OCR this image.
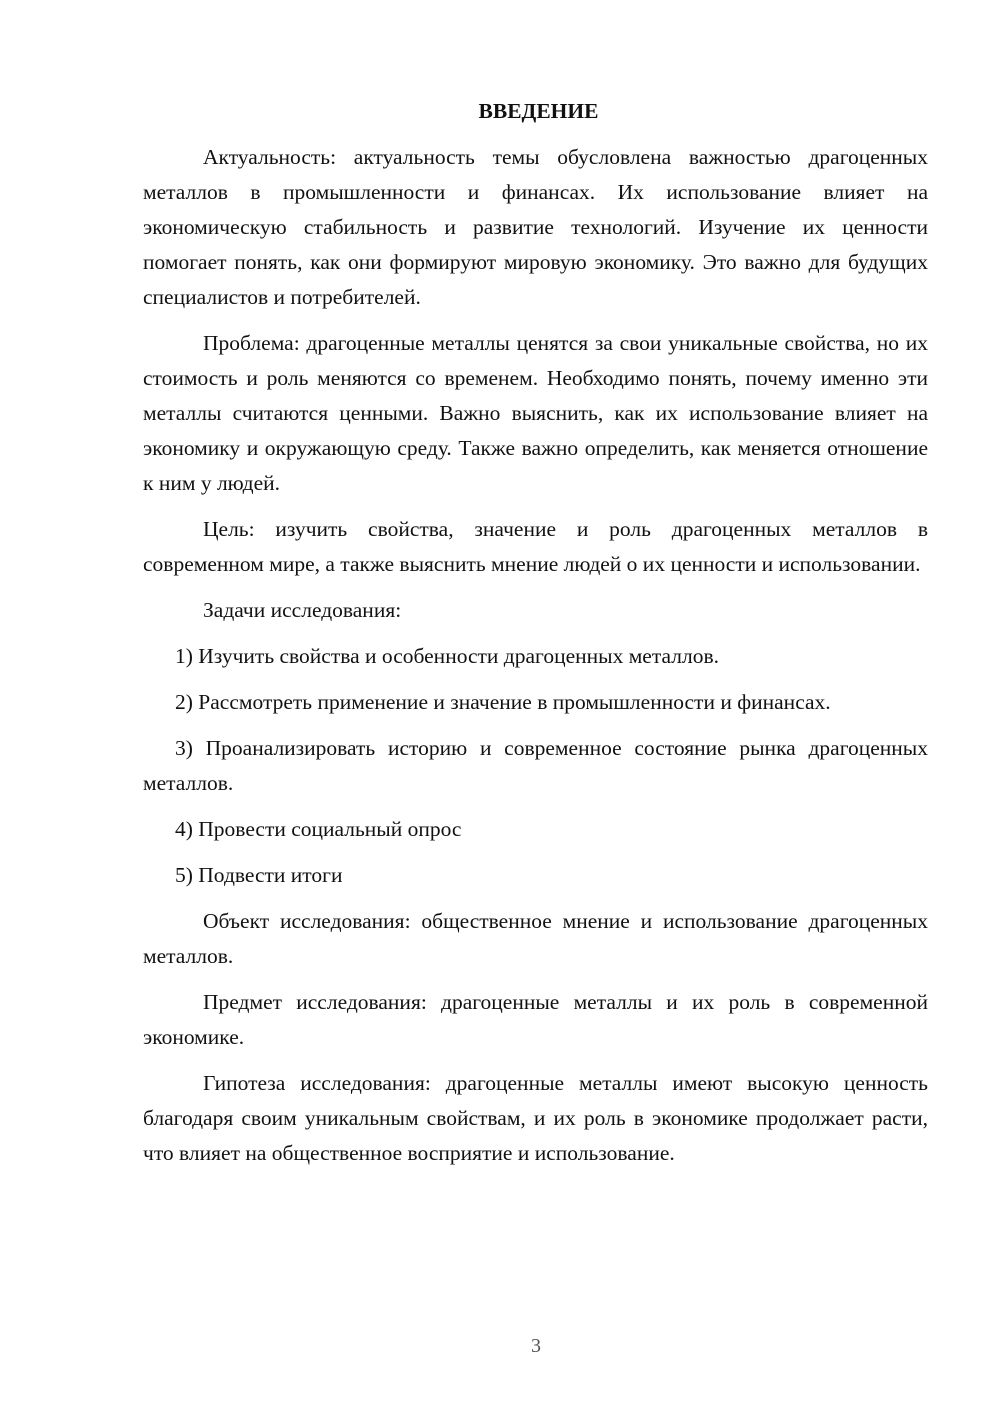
ВВЕДЕНИЕ

Актуальность: актуальность темы обусловлена важностью драгоценных металлов в промышленности и финансах. Их использование влияет на экономическую стабильность и развитие технологий. Изучение их ценности помогает понять, как они формируют мировую экономику. Это важно для будущих специалистов и потребителей.

Проблема: драгоценные металлы ценятся за свои уникальные свойства, но их стоимость и роль меняются со временем. Необходимо понять, почему именно эти металлы считаются ценными. Важно выяснить, как их использование влияет на экономику и окружающую среду. Также важно определить, как меняется отношение к ним у людей.

Цель: изучить свойства, значение и роль драгоценных металлов в современном мире, а также выяснить мнение людей о их ценности и использовании.

Задачи исследования:

1) Изучить свойства и особенности драгоценных металлов.

2) Рассмотреть применение и значение в промышленности и финансах.

3) Проанализировать историю и современное состояние рынка драгоценных металлов.

4) Провести социальный опрос

5) Подвести итоги

Объект исследования: общественное мнение и использование драгоценных металлов.

Предмет исследования: драгоценные металлы и их роль в современной экономике.

Гипотеза исследования: драгоценные металлы имеют высокую ценность благодаря своим уникальным свойствам, и их роль в экономике продолжает расти, что влияет на общественное восприятие и использование.

3
